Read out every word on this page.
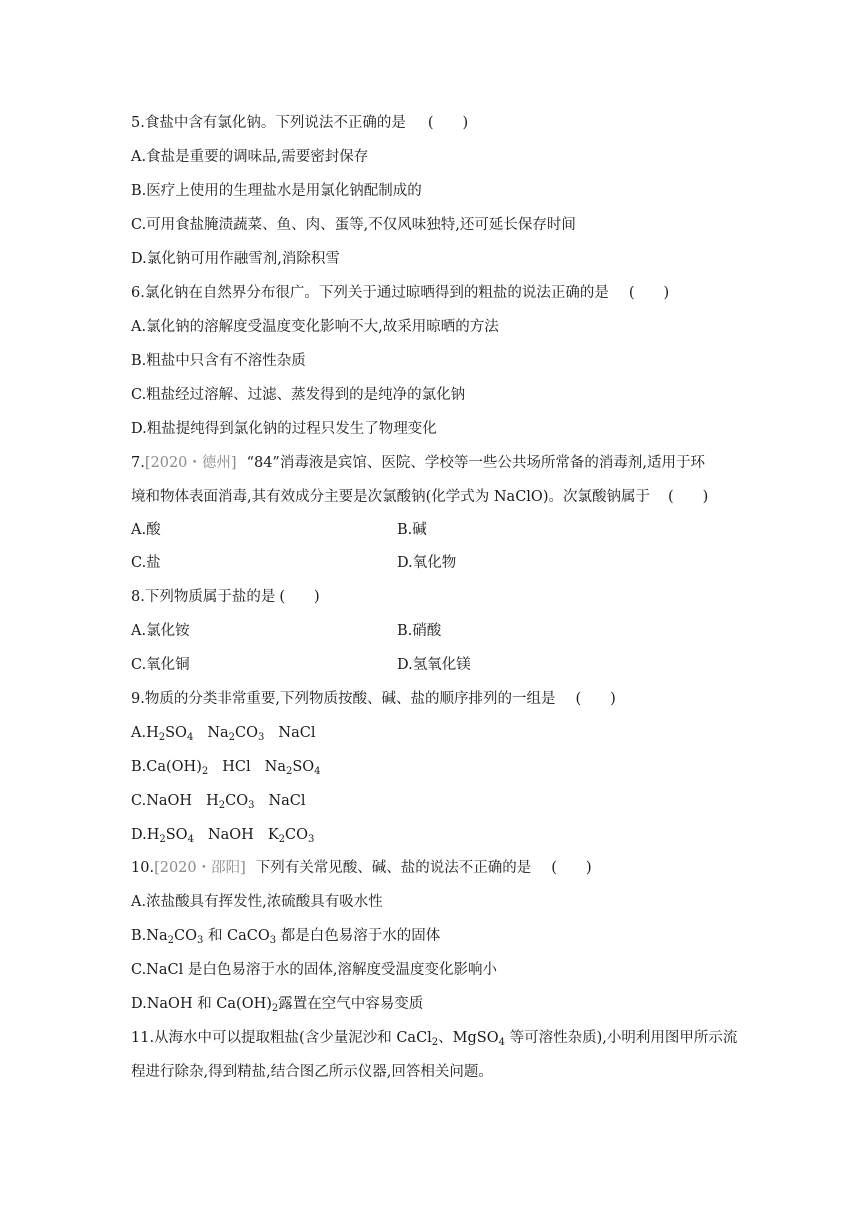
5.食盐中含有氯化钠。下列说法不正确的是 (　　)
A.食盐是重要的调味品,需要密封保存
B.医疗上使用的生理盐水是用氯化钠配制成的
C.可用食盐腌渍蔬菜、鱼、肉、蛋等,不仅风味独特,还可延长保存时间
D.氯化钠可用作融雪剂,消除积雪
6.氯化钠在自然界分布很广。下列关于通过晾晒得到的粗盐的说法正确的是 (　　)
A.氯化钠的溶解度受温度变化影响不大,故采用晾晒的方法
B.粗盐中只含有不溶性杂质
C.粗盐经过溶解、过滤、蒸发得到的是纯净的氯化钠
D.粗盐提纯得到氯化钠的过程只发生了物理变化
7.[2020・德州] “84”消毒液是宾馆、医院、学校等一些公共场所常备的消毒剂,适用于环
境和物体表面消毒,其有效成分主要是次氯酸钠(化学式为 NaClO)。次氯酸钠属于 (　　)
A.酸	B.碱
C.盐	D.氧化物
8.下列物质属于盐的是 (　　)
A.氯化铵	B.硝酸
C.氧化铜	D.氢氧化镁
9.物质的分类非常重要,下列物质按酸、碱、盐的顺序排列的一组是 (　　)
$A.H_2SO_4$ $Na_2CO_3$ NaCl
$B.Ca(OH)_2$ HCl $Na_2SO_4$
C.NaOH $H_2CO_3$ NaCl
$D.H_2SO_4$ NaOH $K_2CO_3$
10.[2020・邵阳] 下列有关常见酸、碱、盐的说法不正确的是 (　　)
A.浓盐酸具有挥发性,浓硫酸具有吸水性
$B.Na_2CO_3$ 和 CaCO$_3$ 都是白色易溶于水的固体
C.NaCl 是白色易溶于水的固体,溶解度受温度变化影响小
D.NaOH 和 $Ca(OH)_2$露置在空气中容易变质
11.从海水中可以提取粗盐(含少量泥沙和 CaCl$_2$、MgSO$_4$ 等可溶性杂质),小明利用图甲所示流
程进行除杂,得到精盐,结合图乙所示仪器,回答相关问题。
